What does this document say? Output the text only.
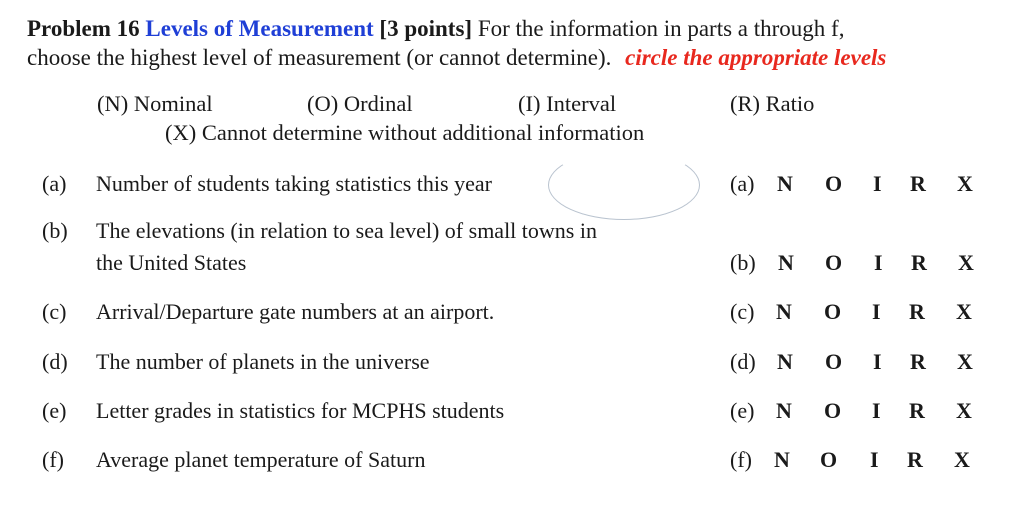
Problem 16 Levels of Measurement [3 points] For the information in parts a through f,
choose the highest level of measurement (or cannot determine). circle the appropriate levels
(N) Nominal	(O) Ordinal	(I) Interval	(R) Ratio
(X) Cannot determine without additional information
(a) Number of students taking statistics this year
(b) The elevations (in relation to sea level) of small towns in
the United States
(c) Arrival/Departure gate numbers at an airport.
(d) The number of planets in the universe
(e) Letter grades in statistics for MCPHS students
(f) Average planet temperature of Saturn
(a) N O I R X
(b) N O I R X
(c) N O I R X
(d) N O I R X
(e) N O I R X
(f) N O I R X
